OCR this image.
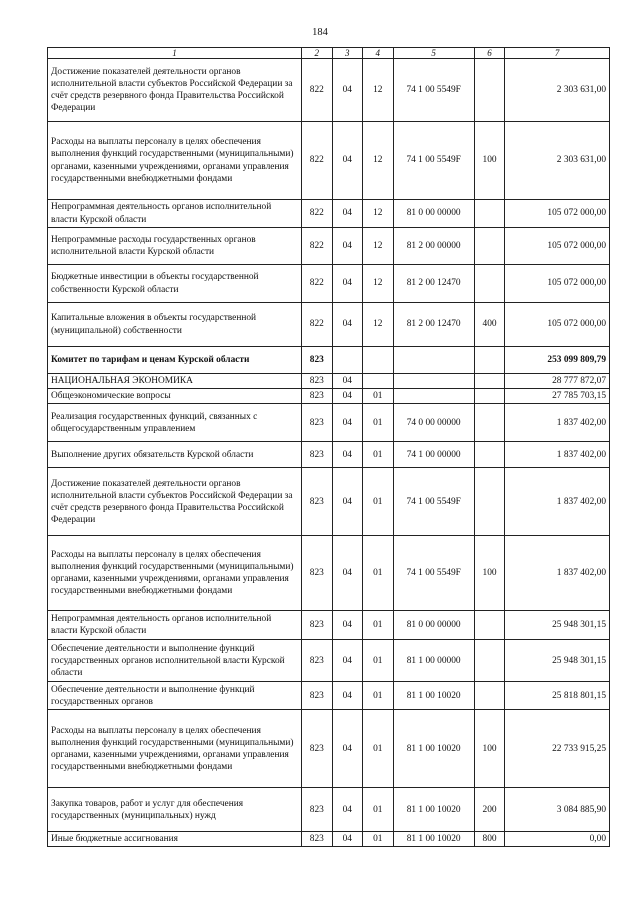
184
1	2	3	4	5	6	7
Достижение показателей деятельности органов исполнительной власти субъектов Российской Федерации за счёт средств резервного фонда Правительства Российской Федерации	822	04	12	74 1 00 5549F		2 303 631,00
Расходы на выплаты персоналу в целях обеспечения выполнения функций государственными (муниципальными) органами, казенными учреждениями, органами управления государственными внебюджетными фондами	822	04	12	74 1 00 5549F	100	2 303 631,00
Непрограммная деятельность органов исполнительной власти Курской области	822	04	12	81 0 00 00000		105 072 000,00
Непрограммные расходы государственных органов исполнительной власти Курской области	822	04	12	81 2 00 00000		105 072 000,00
Бюджетные инвестиции в объекты государственной собственности Курской области	822	04	12	81 2 00 12470		105 072 000,00
Капитальные вложения в объекты государственной (муниципальной) собственности	822	04	12	81 2 00 12470	400	105 072 000,00
Комитет по тарифам и ценам Курской области	823					253 099 809,79
НАЦИОНАЛЬНАЯ ЭКОНОМИКА	823	04				28 777 872,07
Общеэкономические вопросы	823	04	01			27 785 703,15
Реализация государственных функций, связанных с общегосударственным управлением	823	04	01	74 0 00 00000		1 837 402,00
Выполнение других обязательств Курской области	823	04	01	74 1 00 00000		1 837 402,00
Достижение показателей деятельности органов исполнительной власти субъектов Российской Федерации за счёт средств резервного фонда Правительства Российской Федерации	823	04	01	74 1 00 5549F		1 837 402,00
Расходы на выплаты персоналу в целях обеспечения выполнения функций государственными (муниципальными) органами, казенными учреждениями, органами управления государственными внебюджетными фондами	823	04	01	74 1 00 5549F	100	1 837 402,00
Непрограммная деятельность органов исполнительной власти Курской области	823	04	01	81 0 00 00000		25 948 301,15
Обеспечение деятельности и выполнение функций государственных органов исполнительной власти Курской области	823	04	01	81 1 00 00000		25 948 301,15
Обеспечение деятельности и выполнение функций государственных органов	823	04	01	81 1 00 10020		25 818 801,15
Расходы на выплаты персоналу в целях обеспечения выполнения функций государственными (муниципальными) органами, казенными учреждениями, органами управления государственными внебюджетными фондами	823	04	01	81 1 00 10020	100	22 733 915,25
Закупка товаров, работ и услуг для обеспечения государственных (муниципальных) нужд	823	04	01	81 1 00 10020	200	3 084 885,90
Иные бюджетные ассигнования	823	04	01	81 1 00 10020	800	0,00
